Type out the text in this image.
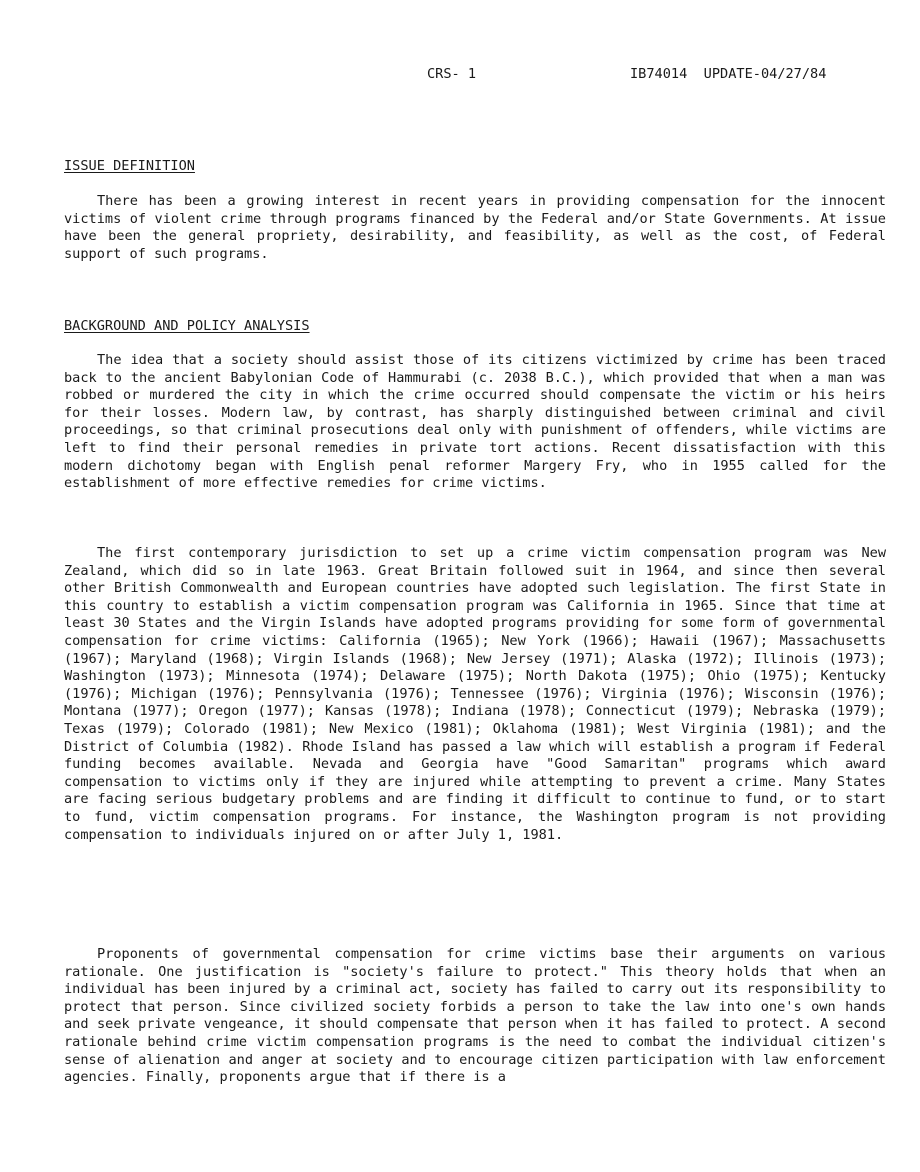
CRS- 1	IB74014  UPDATE-04/27/84
ISSUE DEFINITION

There has been a growing interest in recent years in providing compensation for the innocent victims of violent crime through programs financed by the Federal and/or State Governments. At issue have been the general propriety, desirability, and feasibility, as well as the cost, of Federal support of such programs.

BACKGROUND AND POLICY ANALYSIS

The idea that a society should assist those of its citizens victimized by crime has been traced back to the ancient Babylonian Code of Hammurabi (c. 2038 B.C.), which provided that when a man was robbed or murdered the city in which the crime occurred should compensate the victim or his heirs for their losses. Modern law, by contrast, has sharply distinguished between criminal and civil proceedings, so that criminal prosecutions deal only with punishment of offenders, while victims are left to find their personal remedies in private tort actions. Recent dissatisfaction with this modern dichotomy began with English penal reformer Margery Fry, who in 1955 called for the establishment of more effective remedies for crime victims.

The first contemporary jurisdiction to set up a crime victim compensation program was New Zealand, which did so in late 1963. Great Britain followed suit in 1964, and since then several other British Commonwealth and European countries have adopted such legislation. The first State in this country to establish a victim compensation program was California in 1965. Since that time at least 30 States and the Virgin Islands have adopted programs providing for some form of governmental compensation for crime victims: California (1965); New York (1966); Hawaii (1967); Massachusetts (1967); Maryland (1968); Virgin Islands (1968); New Jersey (1971); Alaska (1972); Illinois (1973); Washington (1973); Minnesota (1974); Delaware (1975); North Dakota (1975); Ohio (1975); Kentucky (1976); Michigan (1976); Pennsylvania (1976); Tennessee (1976); Virginia (1976); Wisconsin (1976); Montana (1977); Oregon (1977); Kansas (1978); Indiana (1978); Connecticut (1979); Nebraska (1979); Texas (1979); Colorado (1981); New Mexico (1981); Oklahoma (1981); West Virginia (1981); and the District of Columbia (1982). Rhode Island has passed a law which will establish a program if Federal funding becomes available. Nevada and Georgia have "Good Samaritan" programs which award compensation to victims only if they are injured while attempting to prevent a crime. Many States are facing serious budgetary problems and are finding it difficult to continue to fund, or to start to fund, victim compensation programs. For instance, the Washington program is not providing compensation to individuals injured on or after July 1, 1981.

Proponents of governmental compensation for crime victims base their arguments on various rationale. One justification is "society's failure to protect." This theory holds that when an individual has been injured by a criminal act, society has failed to carry out its responsibility to protect that person. Since civilized society forbids a person to take the law into one's own hands and seek private vengeance, it should compensate that person when it has failed to protect. A second rationale behind crime victim compensation programs is the need to combat the individual citizen's sense of alienation and anger at society and to encourage citizen participation with law enforcement agencies. Finally, proponents argue that if there is a
